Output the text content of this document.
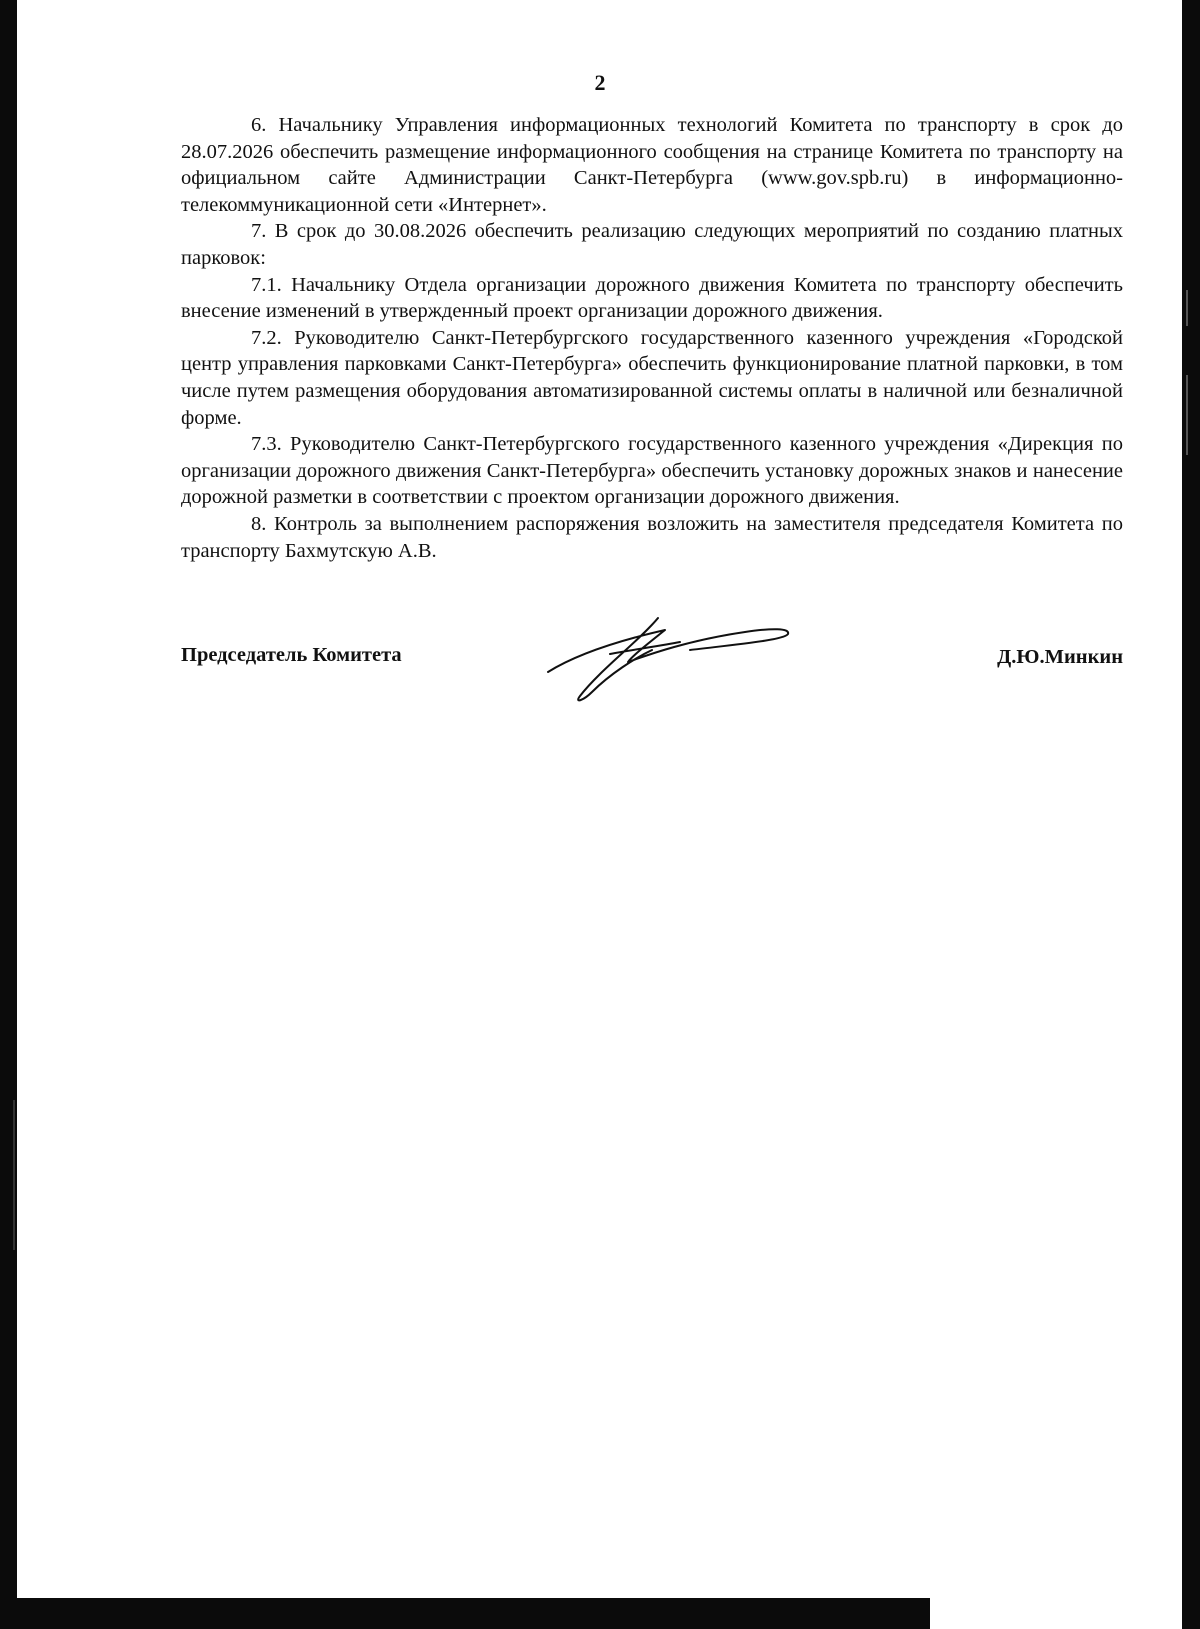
2

6. Начальнику Управления информационных технологий Комитета по транспорту в срок до 28.07.2026 обеспечить размещение информационного сообщения на странице Комитета по транспорту на официальном сайте Администрации Санкт-Петербурга (www.gov.spb.ru) в информационно-телекоммуникационной сети «Интернет».

7. В срок до 30.08.2026 обеспечить реализацию следующих мероприятий по созданию платных парковок:

7.1. Начальнику Отдела организации дорожного движения Комитета по транспорту обеспечить внесение изменений в утвержденный проект организации дорожного движения.

7.2. Руководителю Санкт-Петербургского государственного казенного учреждения «Городской центр управления парковками Санкт-Петербурга» обеспечить функционирование платной парковки, в том числе путем размещения оборудования автоматизированной системы оплаты в наличной или безналичной форме.

7.3. Руководителю Санкт-Петербургского государственного казенного учреждения «Дирекция по организации дорожного движения Санкт-Петербурга» обеспечить установку дорожных знаков и нанесение дорожной разметки в соответствии с проектом организации дорожного движения.

8. Контроль за выполнением распоряжения возложить на заместителя председателя Комитета по транспорту Бахмутскую А.В.

Председатель Комитета	Д.Ю.Минкин
